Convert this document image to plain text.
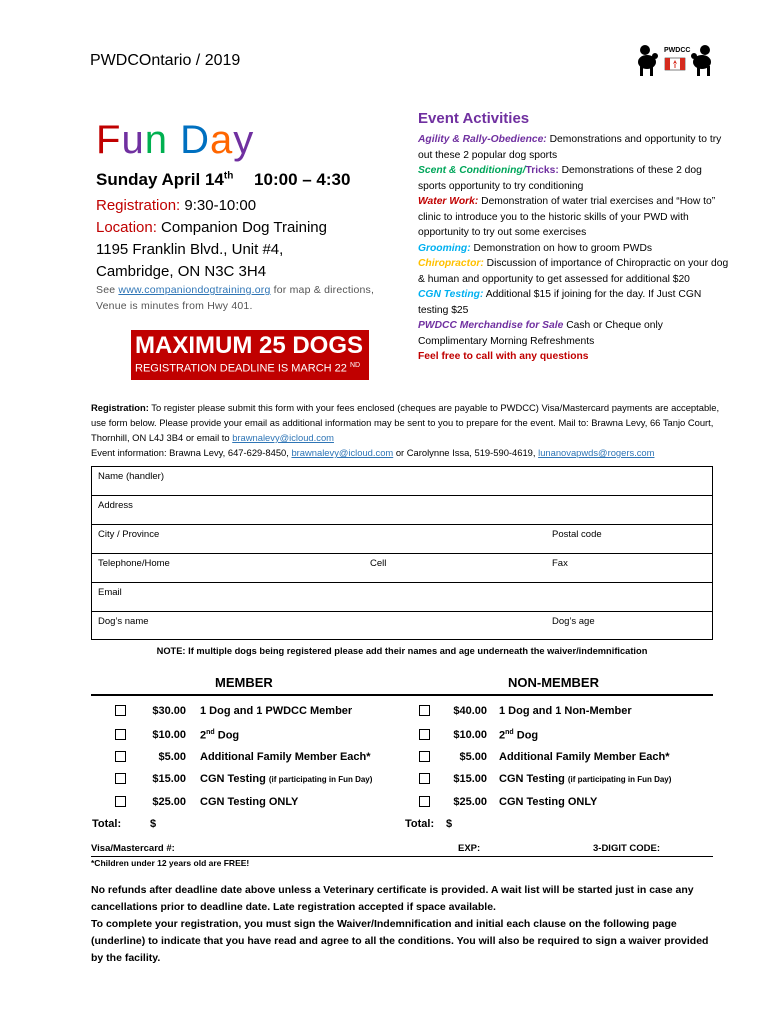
PWDCOntario / 2019
PWDCC
Fun Day
Sunday April 14th 10:00 – 4:30
Registration: 9:30-10:00
Location: Companion Dog Training
1195 Franklin Blvd., Unit #4,
Cambridge, ON N3C 3H4
See www.companiondogtraining.org for map & directions,
Venue is minutes from Hwy 401.
MAXIMUM 25 DOGS
REGISTRATION DEADLINE IS MARCH 22 $^{ND}$
Event Activities

Agility & Rally-Obedience: Demonstrations and opportunity to try out these 2 popular dog sports

Scent & Conditioning/Tricks: Demonstrations of these 2 dog sports opportunity to try conditioning

Water Work: Demonstration of water trial exercises and “How to” clinic to introduce you to the historic skills of your PWD with opportunity to try out some exercises

Grooming: Demonstration on how to groom PWDs

Chiropractor: Discussion of importance of Chiropractic on your dog & human and opportunity to get assessed for additional $20

CGN Testing: Additional $15 if joining for the day. If Just CGN testing $25

PWDCC Merchandise for Sale Cash or Cheque only

Complimentary Morning Refreshments

Feel free to call with any questions

Registration: To register please submit this form with your fees enclosed (cheques are payable to PWDCC) Visa/Mastercard payments are acceptable, use form below. Please provide your email as additional information may be sent to you to prepare for the event. Mail to: Brawna Levy, 66 Tanjo Court, Thornhill, ON L4J 3B4 or email to brawnalevy@icloud.com
Event information: Brawna Levy, 647-629-8450, brawnalevy@icloud.com or Carolynne Issa, 519-590-4619, lunanovapwds@rogers.com
Name (handler)
Address
City / Province	Postal code
Telephone/Home	Cell	Fax
Email
Dog’s name	Dog’s age
NOTE: If multiple dogs being registered please add their names and age underneath the waiver/indemnification
MEMBER	NON-MEMBER
$30.00 1 Dog and 1 PWDCC Member	$40.00 1 Dog and 1 Non-Member
$10.00 2nd Dog	$10.00 2nd Dog
$5.00 Additional Family Member Each*	$5.00 Additional Family Member Each*
$15.00 CGN Testing (if participating in Fun Day)	$15.00 CGN Testing (if participating in Fun Day)
$25.00 CGN Testing ONLY	$25.00 CGN Testing ONLY
Total:	$	Total: $
Visa/Mastercard #:	EXP:	3-DIGIT CODE:
*Children under 12 years old are FREE!
No refunds after deadline date above unless a Veterinary certificate is provided. A wait list will be started just in case any cancellations prior to deadline date. Late registration accepted if space available.
To complete your registration, you must sign the Waiver/Indemnification and initial each clause on the following page (underline) to indicate that you have read and agree to all the conditions. You will also be required to sign a waiver provided by the facility.
